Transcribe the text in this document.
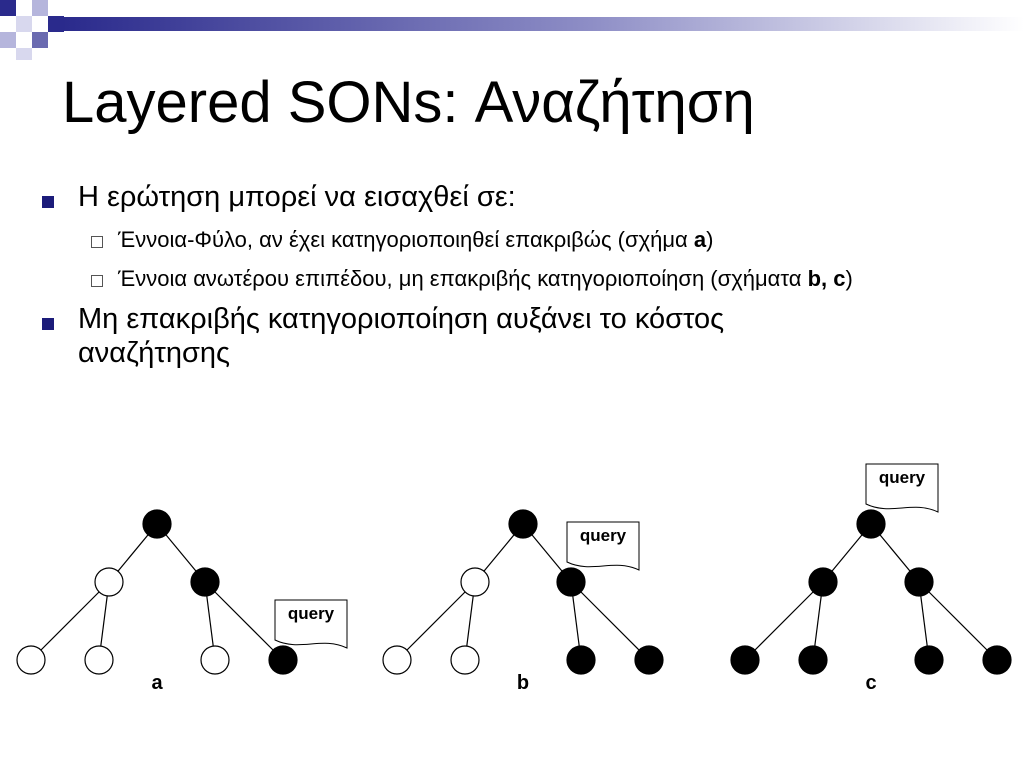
Layered SONs: Αναζήτηση
Η ερώτηση μπορεί να εισαχθεί σε:
Έννοια-Φύλο, αν έχει κατηγοριοποιηθεί επακριβώς (σχήμα a)
Έννοια ανωτέρου επιπέδου, μη επακριβής κατηγοριοποίηση (σχήματα b, c)
Μη επακριβής κατηγοριοποίηση αυξάνει το κόστος αναζήτησης
a
query
b
query
c
query
